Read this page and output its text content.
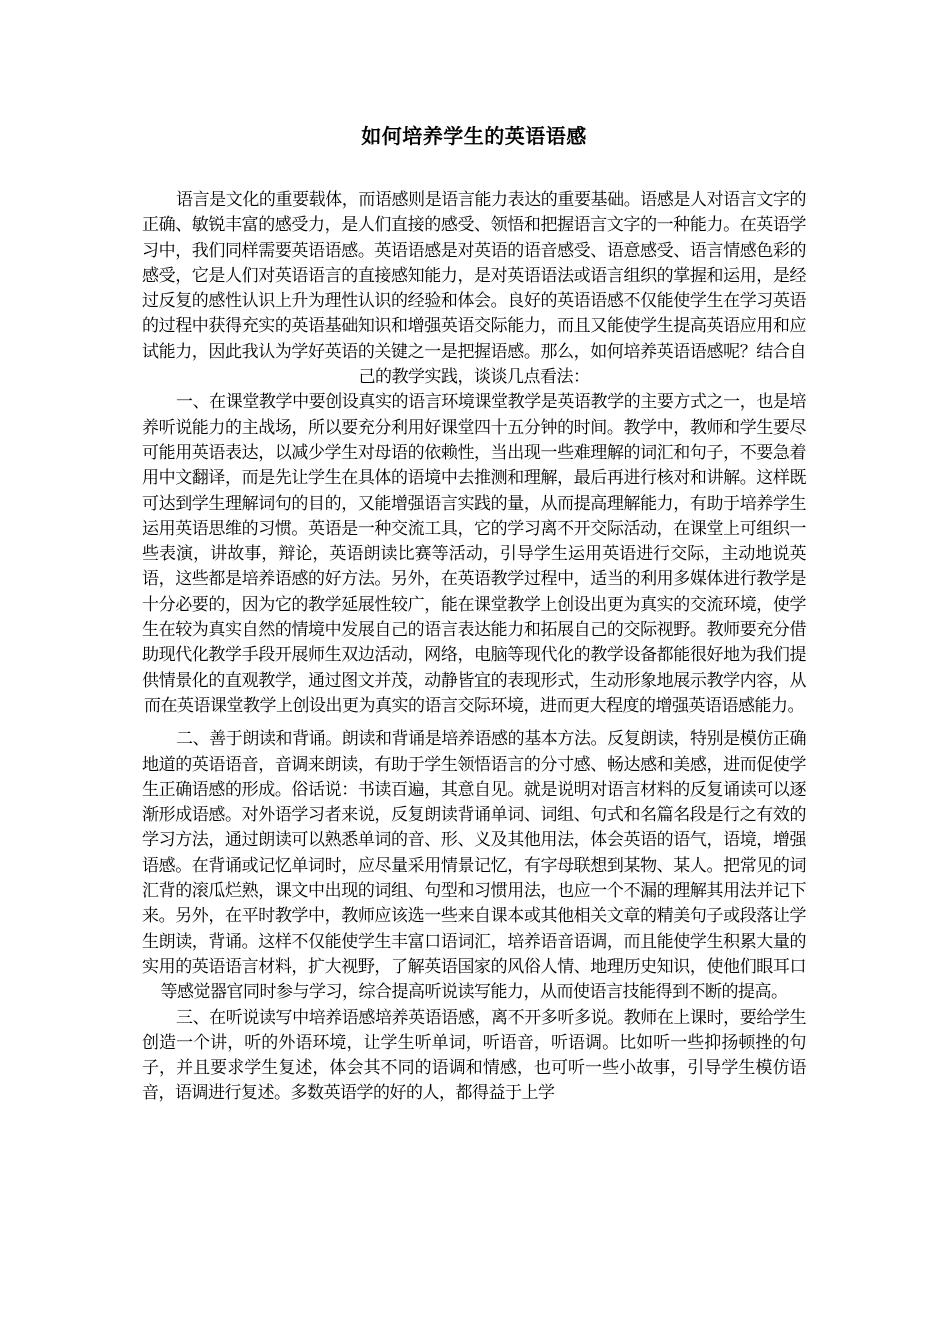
如何培养学生的英语语感

语言是文化的重要载体，而语感则是语言能力表达的重要基础。语感是人对语言文字的正确、敏锐丰富的感受力，是人们直接的感受、领悟和把握语言文字的一种能力。在英语学习中，我们同样需要英语语感。英语语感是对英语的语音感受、语意感受、语言情感色彩的感受，它是人们对英语语言的直接感知能力，是对英语语法或语言组织的掌握和运用，是经过反复的感性认识上升为理性认识的经验和体会。良好的英语语感不仅能使学生在学习英语的过程中获得充实的英语基础知识和增强英语交际能力，而且又能使学生提高英语应用和应试能力，因此我认为学好英语的关键之一是把握语感。那么，如何培养英语语感呢？结合自己的教学实践，谈谈几点看法：

一、在课堂教学中要创设真实的语言环境课堂教学是英语教学的主要方式之一，也是培养听说能力的主战场，所以要充分利用好课堂四十五分钟的时间。教学中，教师和学生要尽可能用英语表达，以减少学生对母语的依赖性，当出现一些难理解的词汇和句子，不要急着用中文翻译，而是先让学生在具体的语境中去推测和理解，最后再进行核对和讲解。这样既可达到学生理解词句的目的，又能增强语言实践的量，从而提高理解能力，有助于培养学生运用英语思维的习惯。英语是一种交流工具，它的学习离不开交际活动，在课堂上可组织一些表演，讲故事，辩论，英语朗读比赛等活动，引导学生运用英语进行交际，主动地说英语，这些都是培养语感的好方法。另外，在英语教学过程中，适当的利用多媒体进行教学是十分必要的，因为它的教学延展性较广，能在课堂教学上创设出更为真实的交流环境，使学生在较为真实自然的情境中发展自己的语言表达能力和拓展自己的交际视野。教师要充分借助现代化教学手段开展师生双边活动，网络，电脑等现代化的教学设备都能很好地为我们提供情景化的直观教学，通过图文并茂，动静皆宜的表现形式，生动形象地展示教学内容，从而在英语课堂教学上创设出更为真实的语言交际环境，进而更大程度的增强英语语感能力。

二、善于朗读和背诵。朗读和背诵是培养语感的基本方法。反复朗读，特别是模仿正确地道的英语语音，音调来朗读，有助于学生领悟语言的分寸感、畅达感和美感，进而促使学生正确语感的形成。俗话说：书读百遍，其意自见。就是说明对语言材料的反复诵读可以逐渐形成语感。对外语学习者来说，反复朗读背诵单词、词组、句式和名篇名段是行之有效的学习方法，通过朗读可以熟悉单词的音、形、义及其他用法，体会英语的语气，语境，增强语感。在背诵或记忆单词时，应尽量采用情景记忆，有字母联想到某物、某人。把常见的词汇背的滚瓜烂熟，课文中出现的词组、句型和习惯用法，也应一个不漏的理解其用法并记下来。另外，在平时教学中，教师应该选一些来自课本或其他相关文章的精美句子或段落让学生朗读，背诵。这样不仅能使学生丰富口语词汇，培养语音语调，而且能使学生积累大量的实用的英语语言材料，扩大视野，了解英语国家的风俗人情、地理历史知识，使他们眼耳口等感觉器官同时参与学习，综合提高听说读写能力，从而使语言技能得到不断的提高。

三、在听说读写中培养语感培养英语语感，离不开多听多说。教师在上课时，要给学生创造一个讲，听的外语环境，让学生听单词，听语音，听语调。比如听一些抑扬顿挫的句子，并且要求学生复述，体会其不同的语调和情感，也可听一些小故事，引导学生模仿语音，语调进行复述。多数英语学的好的人，都得益于上学
